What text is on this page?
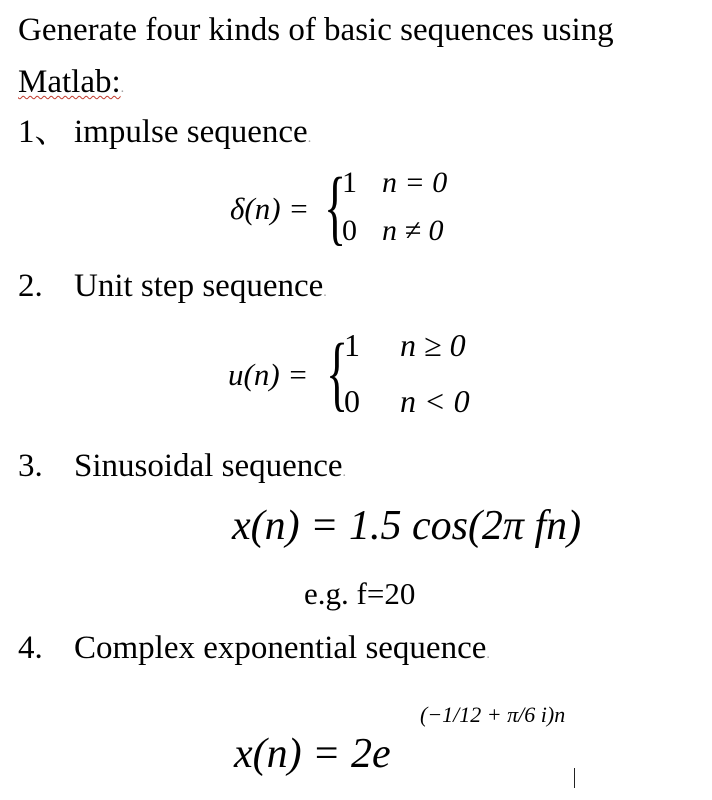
Generate four kinds of basic sequences using
Matlab:.
1、 impulse sequence.
δ(n) = {
1 n = 0
0 n ≠ 0
2. Unit step sequence.
u(n) = {
1 n ≥ 0
0 n < 0
3. Sinusoidal sequence.
x(n) = 1.5 cos(2π fn)
e.g. f=20
4. Complex exponential sequence.
x(n) = 2e
(−1/12 + π/6 i)n
